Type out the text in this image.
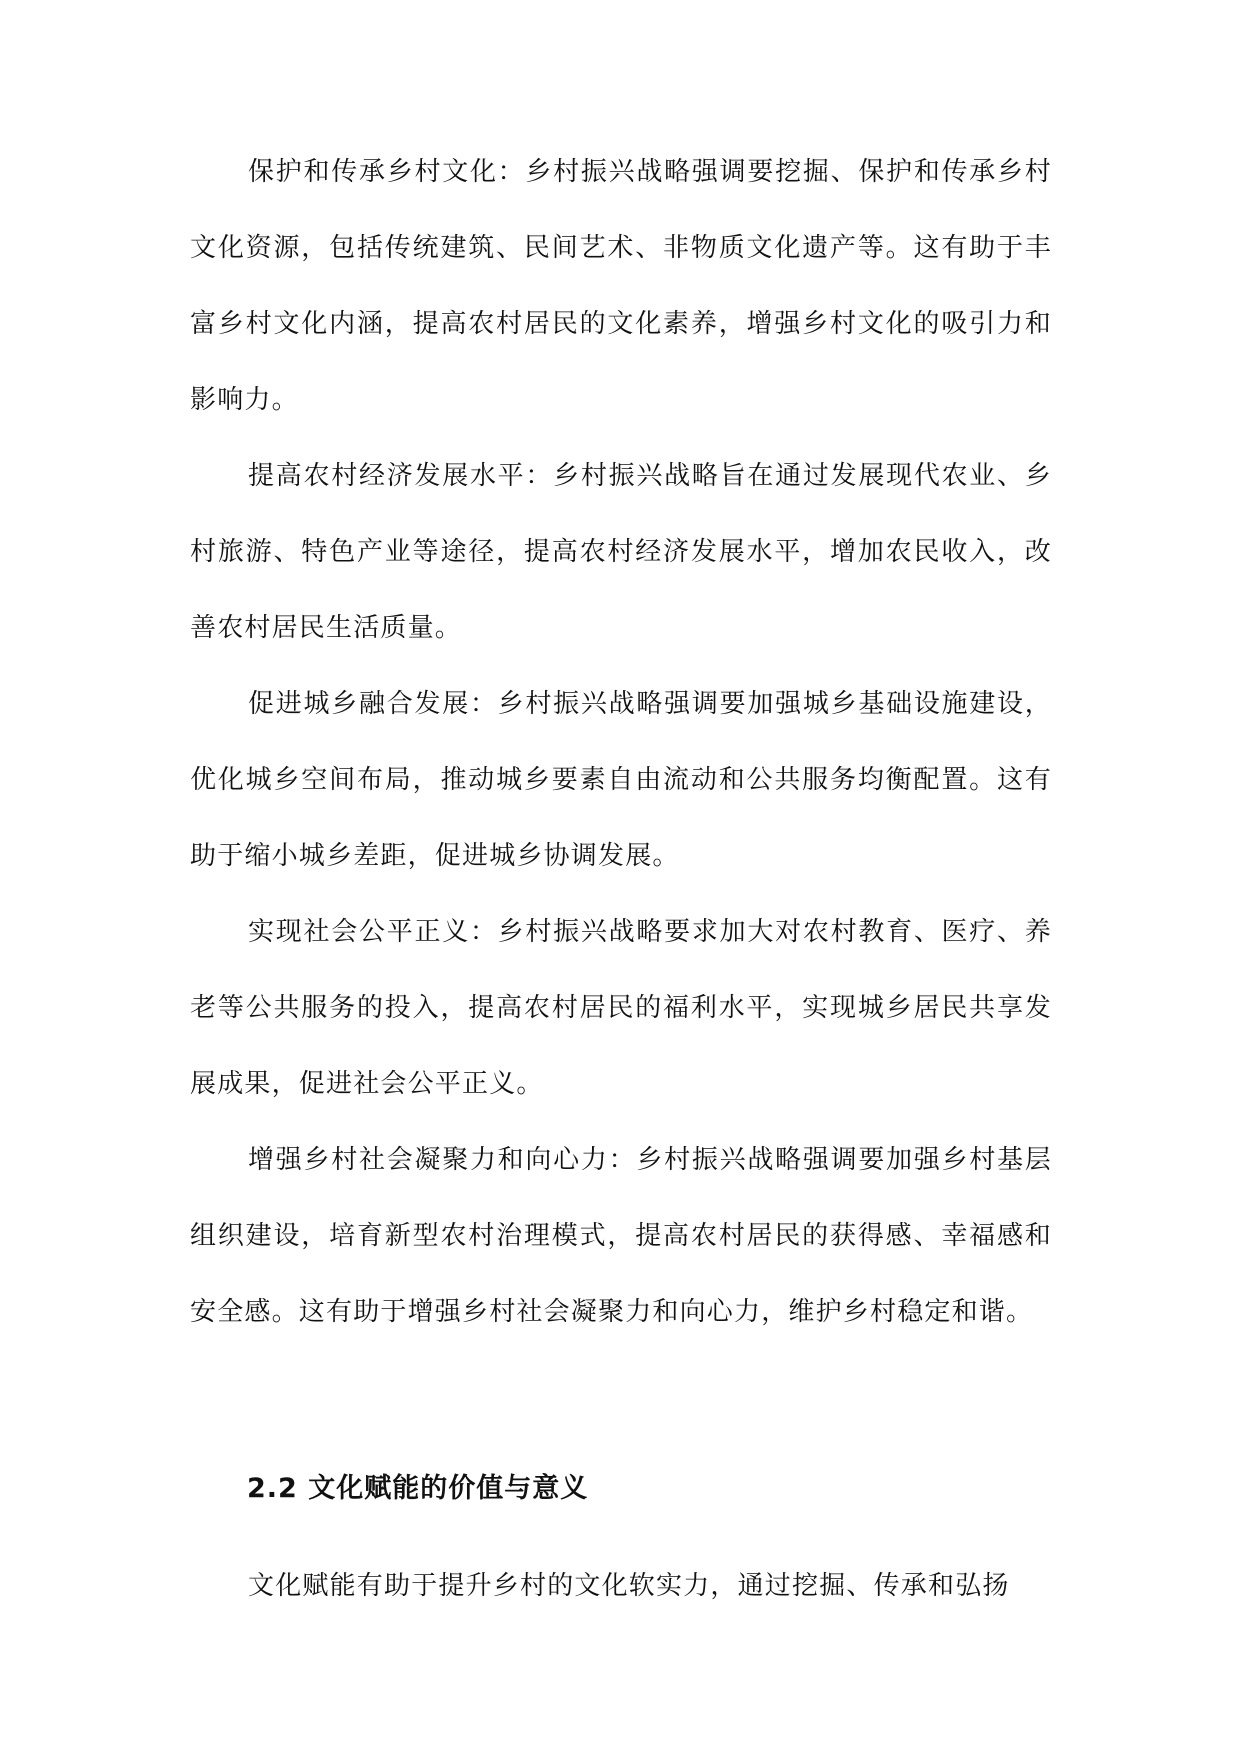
保护和传承乡村文化：乡村振兴战略强调要挖掘、保护和传承乡村文化资源，包括传统建筑、民间艺术、非物质文化遗产等。这有助于丰富乡村文化内涵，提高农村居民的文化素养，增强乡村文化的吸引力和影响力。

提高农村经济发展水平：乡村振兴战略旨在通过发展现代农业、乡村旅游、特色产业等途径，提高农村经济发展水平，增加农民收入，改善农村居民生活质量。

促进城乡融合发展：乡村振兴战略强调要加强城乡基础设施建设，优化城乡空间布局，推动城乡要素自由流动和公共服务均衡配置。这有助于缩小城乡差距，促进城乡协调发展。

实现社会公平正义：乡村振兴战略要求加大对农村教育、医疗、养老等公共服务的投入，提高农村居民的福利水平，实现城乡居民共享发展成果，促进社会公平正义。

增强乡村社会凝聚力和向心力：乡村振兴战略强调要加强乡村基层组织建设，培育新型农村治理模式，提高农村居民的获得感、幸福感和安全感。这有助于增强乡村社会凝聚力和向心力，维护乡村稳定和谐。

2.2 文化赋能的价值与意义

文化赋能有助于提升乡村的文化软实力，通过挖掘、传承和弘扬
